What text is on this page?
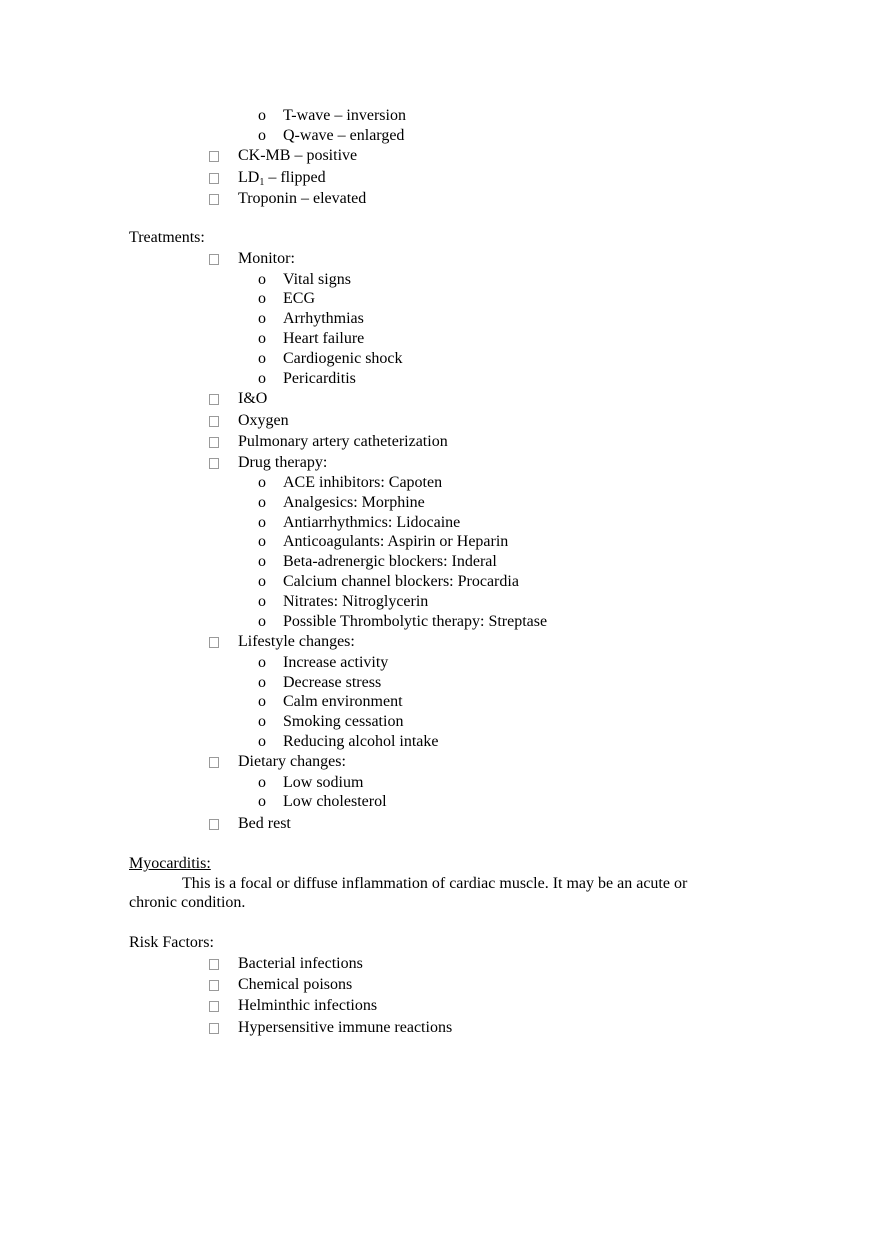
o T-wave – inversion
o Q-wave – enlarged
CK-MB – positive
$LD_1$ – flipped
Troponin – elevated
Treatments:
Monitor:
o Vital signs
o ECG
o Arrhythmias
o Heart failure
o Cardiogenic shock
o Pericarditis
I&O
Oxygen
Pulmonary artery catheterization
Drug therapy:
o ACE inhibitors: Capoten
o Analgesics: Morphine
o Antiarrhythmics: Lidocaine
o Anticoagulants: Aspirin or Heparin
o Beta-adrenergic blockers: Inderal
o Calcium channel blockers: Procardia
o Nitrates: Nitroglycerin
o Possible Thrombolytic therapy: Streptase
Lifestyle changes:
o Increase activity
o Decrease stress
o Calm environment
o Smoking cessation
o Reducing alcohol intake
Dietary changes:
o Low sodium
o Low cholesterol
Bed rest
Myocarditis:
This is a focal or diffuse inflammation of cardiac muscle. It may be an acute or
chronic condition.
Risk Factors:
Bacterial infections
Chemical poisons
Helminthic infections
Hypersensitive immune reactions
